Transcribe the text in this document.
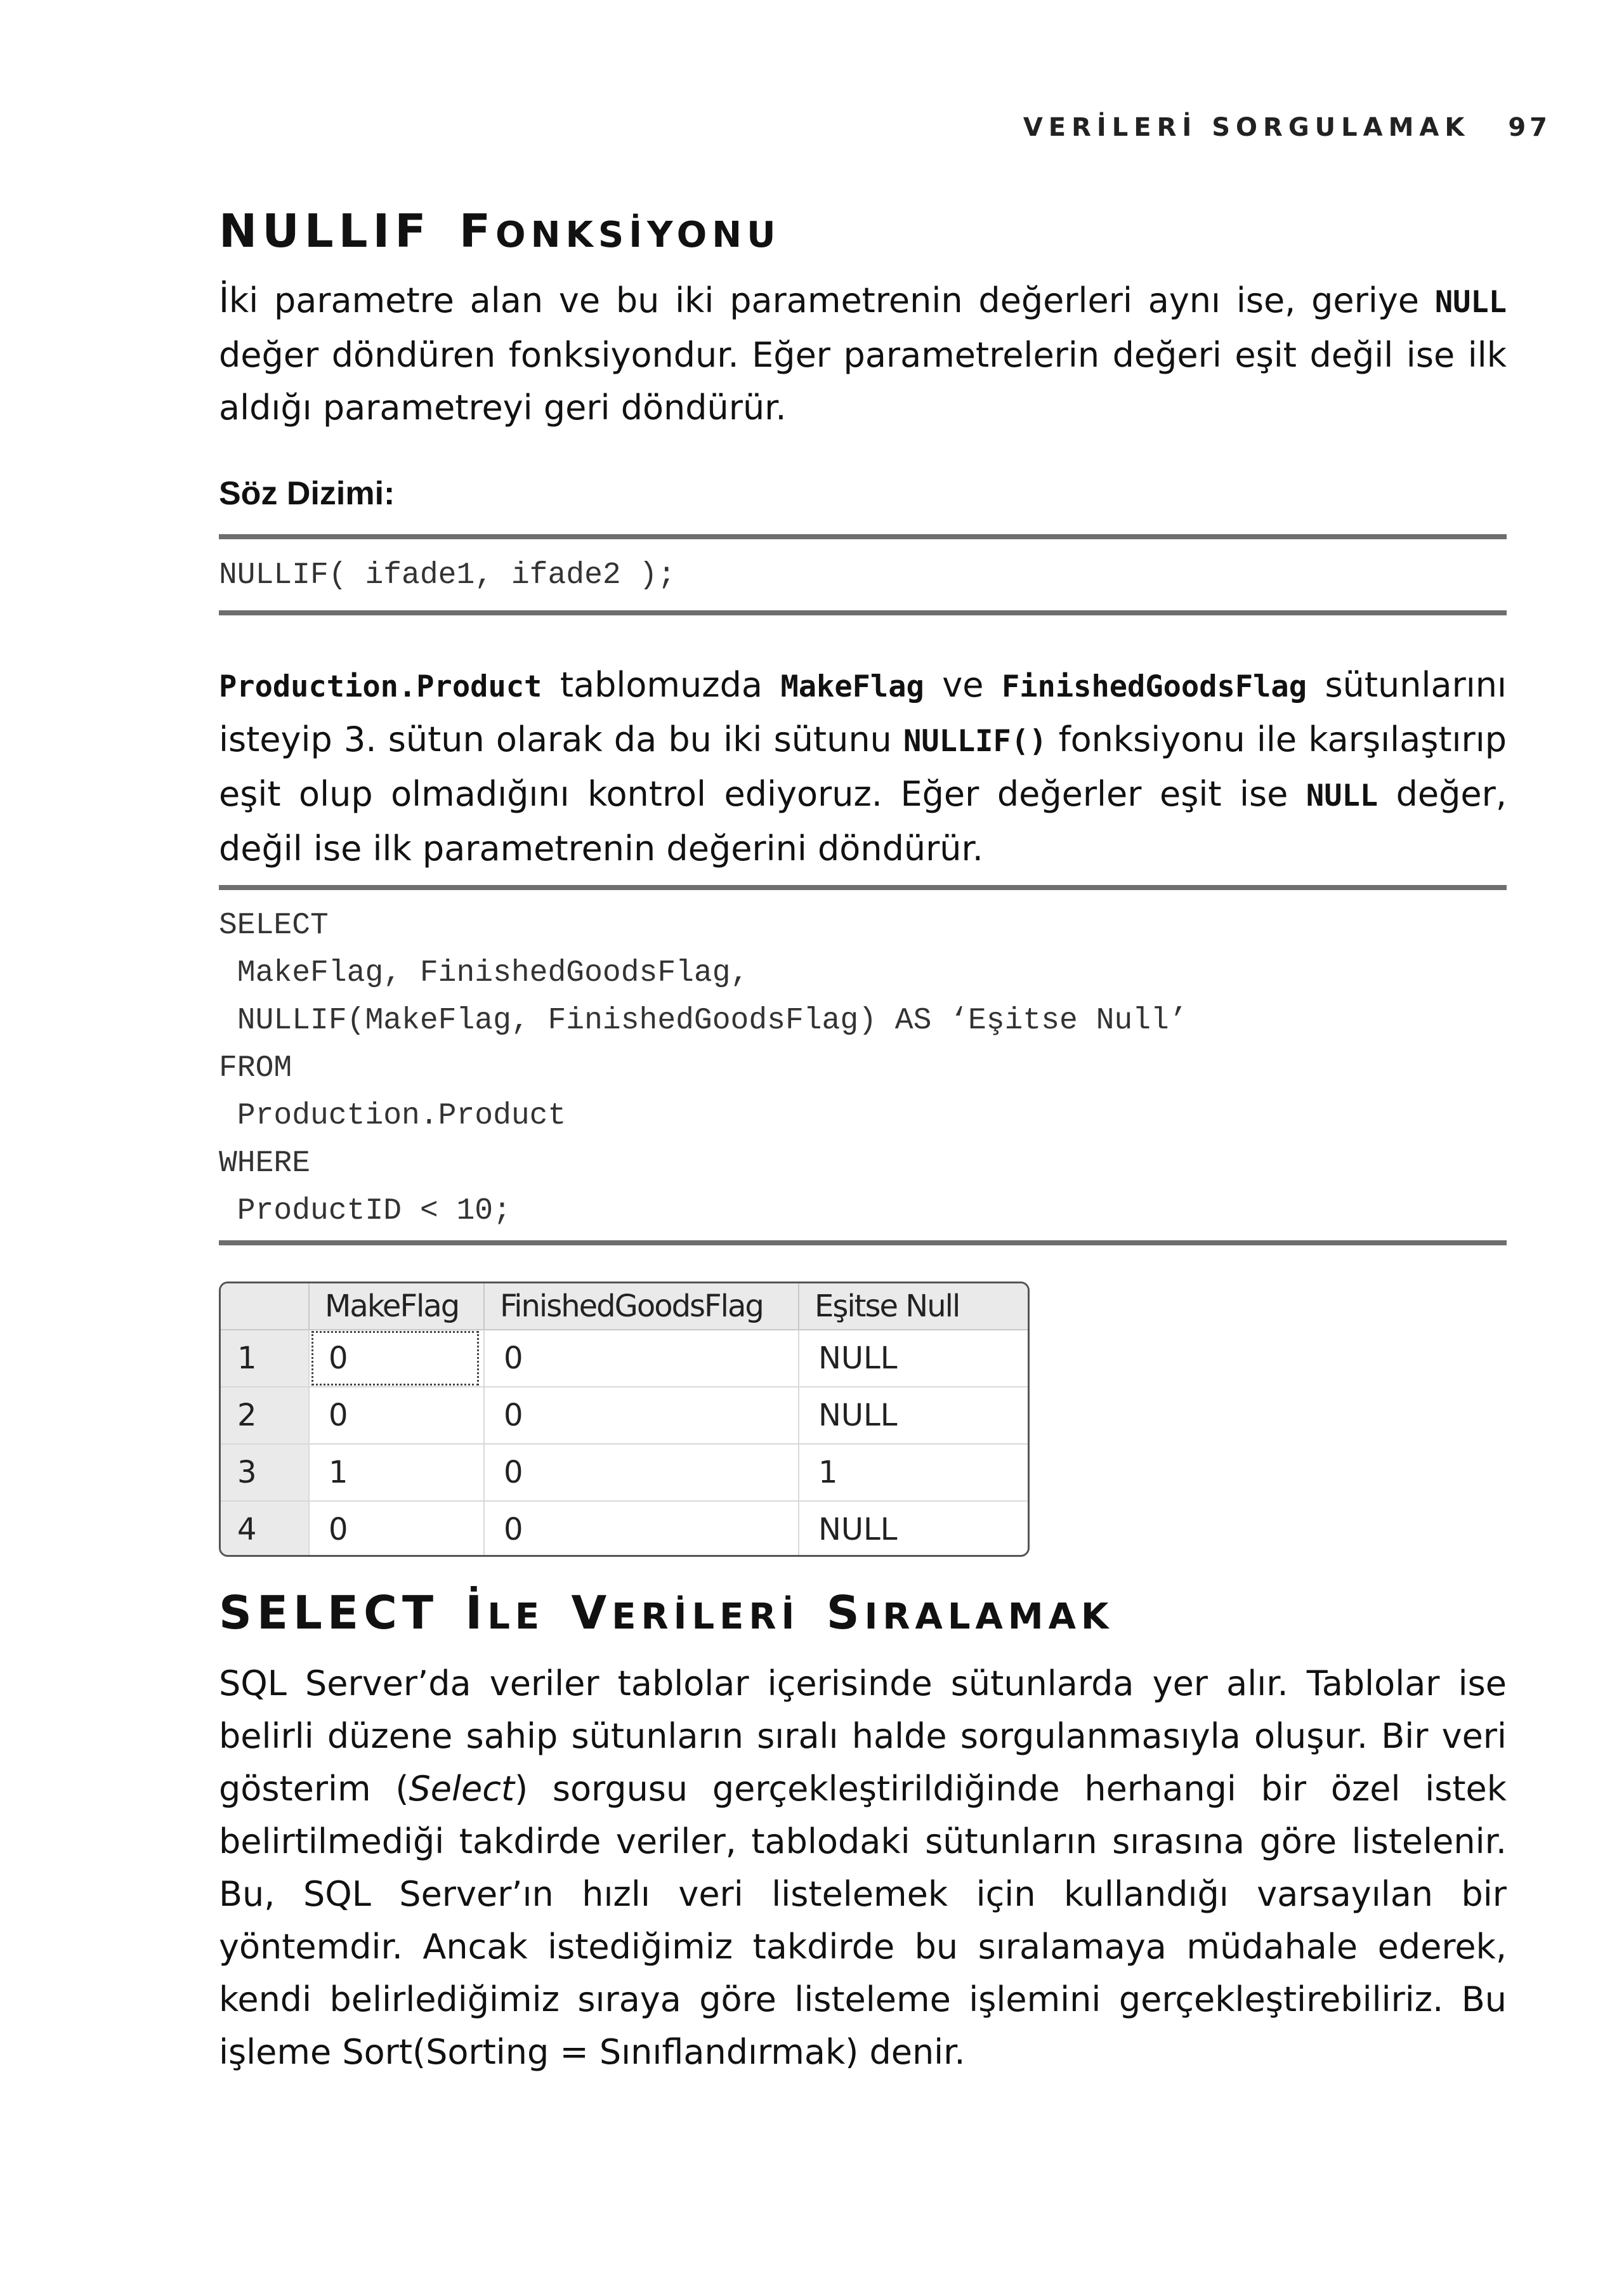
VERİLERİ SORGULAMAK 97
NULLIF FONKSİYONU

İki parametre alan ve bu iki parametrenin değerleri aynı ise, geriye NULL değer döndüren fonksiyondur. Eğer parametrelerin değeri eşit değil ise ilk aldığı parametreyi geri döndürür.

Söz Dizimi:
NULLIF( ifade1, ifade2 );

Production.Product tablomuzda MakeFlag ve FinishedGoodsFlag sütunlarını isteyip 3. sütun olarak da bu iki sütunu NULLIF() fonksiyonu ile karşılaştırıp eşit olup olmadığını kontrol ediyoruz. Eğer değerler eşit ise NULL değer, değil ise ilk parametrenin değerini döndürür.

SELECT
MakeFlag, FinishedGoodsFlag,
NULLIF(MakeFlag, FinishedGoodsFlag) AS ‘Eşitse Null’
FROM
Production.Product
WHERE
ProductID < 10;
	MakeFlag	FinishedGoodsFlag	Eşitse Null
1	0	0	NULL
2	0	0	NULL
3	1	0	1
4	0	0	NULL
SELECT İLE VERİLERİ SIRALAMAK

SQL Server’da veriler tablolar içerisinde sütunlarda yer alır. Tablolar ise belirli düzene sahip sütunların sıralı halde sorgulanmasıyla oluşur. Bir veri gösterim (Select) sorgusu gerçekleştirildiğinde herhangi bir özel istek belirtilmediği takdirde veriler, tablodaki sütunların sırasına göre listelenir. Bu, SQL Server’ın hızlı veri listelemek için kullandığı varsayılan bir yöntemdir. Ancak istediğimiz takdirde bu sıralamaya müdahale ederek, kendi belirlediğimiz sıraya göre listeleme işlemini gerçekleştirebiliriz. Bu işleme Sort(Sorting = Sınıflandırmak) denir.
